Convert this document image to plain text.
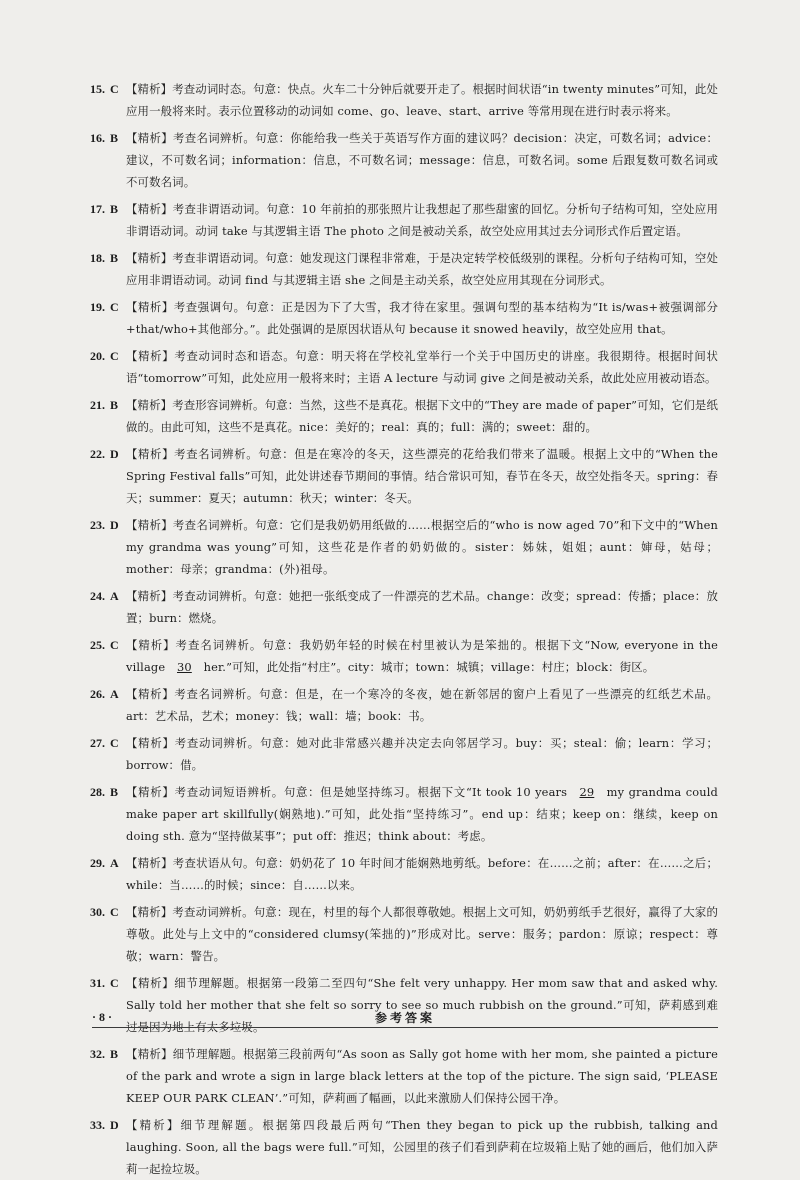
15. C 【精析】考查动词时态。句意：快点。火车二十分钟后就要开走了。根据时间状语“in twenty minutes”可知，此处应用一般将来时。表示位置移动的动词如 come、go、leave、start、arrive 等常用现在进行时表示将来。
16. B 【精析】考查名词辨析。句意：你能给我一些关于英语写作方面的建议吗？decision：决定，可数名词；advice：建议，不可数名词；information：信息，不可数名词；message：信息，可数名词。some 后跟复数可数名词或不可数名词。
17. B 【精析】考查非谓语动词。句意：10 年前拍的那张照片让我想起了那些甜蜜的回忆。分析句子结构可知，空处应用非谓语动词。动词 take 与其逻辑主语 The photo 之间是被动关系，故空处应用其过去分词形式作后置定语。
18. B 【精析】考查非谓语动词。句意：她发现这门课程非常难，于是决定转学校低级别的课程。分析句子结构可知，空处应用非谓语动词。动词 find 与其逻辑主语 she 之间是主动关系，故空处应用其现在分词形式。
19. C 【精析】考查强调句。句意：正是因为下了大雪，我才待在家里。强调句型的基本结构为“It is/was+被强调部分+that/who+其他部分。”。此处强调的是原因状语从句 because it snowed heavily，故空处应用 that。
20. C 【精析】考查动词时态和语态。句意：明天将在学校礼堂举行一个关于中国历史的讲座。我很期待。根据时间状语“tomorrow”可知，此处应用一般将来时；主语 A lecture 与动词 give 之间是被动关系，故此处应用被动语态。
21. B 【精析】考查形容词辨析。句意：当然，这些不是真花。根据下文中的“They are made of paper”可知，它们是纸做的。由此可知，这些不是真花。nice：美好的；real：真的；full：满的；sweet：甜的。
22. D 【精析】考查名词辨析。句意：但是在寒冷的冬天，这些漂亮的花给我们带来了温暖。根据上文中的“When the Spring Festival falls”可知，此处讲述春节期间的事情。结合常识可知，春节在冬天，故空处指冬天。spring：春天；summer：夏天；autumn：秋天；winter：冬天。
23. D 【精析】考查名词辨析。句意：它们是我奶奶用纸做的……根据空后的“who is now aged 70”和下文中的“When my grandma was young”可知，这些花是作者的奶奶做的。sister：姊妹，姐姐；aunt：婶母，姑母；mother：母亲；grandma：(外)祖母。
24. A 【精析】考查动词辨析。句意：她把一张纸变成了一件漂亮的艺术品。change：改变；spread：传播；place：放置；burn：燃烧。
25. C 【精析】考查名词辨析。句意：我奶奶年轻的时候在村里被认为是笨拙的。根据下文“Now, everyone in the village 30 her.”可知，此处指“村庄”。city：城市；town：城镇；village：村庄；block：街区。
26. A 【精析】考查名词辨析。句意：但是，在一个寒冷的冬夜，她在新邻居的窗户上看见了一些漂亮的红纸艺术品。art：艺术品，艺术；money：钱；wall：墙；book：书。
27. C 【精析】考查动词辨析。句意：她对此非常感兴趣并决定去向邻居学习。buy：买；steal：偷；learn：学习；borrow：借。
28. B 【精析】考查动词短语辨析。句意：但是她坚持练习。根据下文“It took 10 years 29 my grandma could make paper art skillfully(娴熟地).”可知，此处指“坚持练习”。end up：结束；keep on：继续，keep on doing sth. 意为“坚持做某事”；put off：推迟；think about：考虑。
29. A 【精析】考查状语从句。句意：奶奶花了 10 年时间才能娴熟地剪纸。before：在……之前；after：在……之后；while：当……的时候；since：自……以来。
30. C 【精析】考查动词辨析。句意：现在，村里的每个人都很尊敬她。根据上文可知，奶奶剪纸手艺很好，赢得了大家的尊敬。此处与上文中的“considered clumsy(笨拙的)”形成对比。serve：服务；pardon：原谅；respect：尊敬；warn：警告。
31. C 【精析】细节理解题。根据第一段第二至四句“She felt very unhappy. Her mom saw that and asked why. Sally told her mother that she felt so sorry to see so much rubbish on the ground.”可知，萨莉感到难过是因为地上有太多垃圾。
32. B 【精析】细节理解题。根据第三段前两句“As soon as Sally got home with her mom, she painted a picture of the park and wrote a sign in large black letters at the top of the picture. The sign said, ‘PLEASE KEEP OUR PARK CLEAN’.”可知，萨莉画了幅画，以此来激励人们保持公园干净。
33. D 【精析】细节理解题。根据第四段最后两句“Then they began to pick up the rubbish, talking and laughing. Soon, all the bags were full.”可知，公园里的孩子们看到萨莉在垃圾箱上贴了她的画后，他们加入萨莉一起捡垃圾。
· 8 ·	参考答案
